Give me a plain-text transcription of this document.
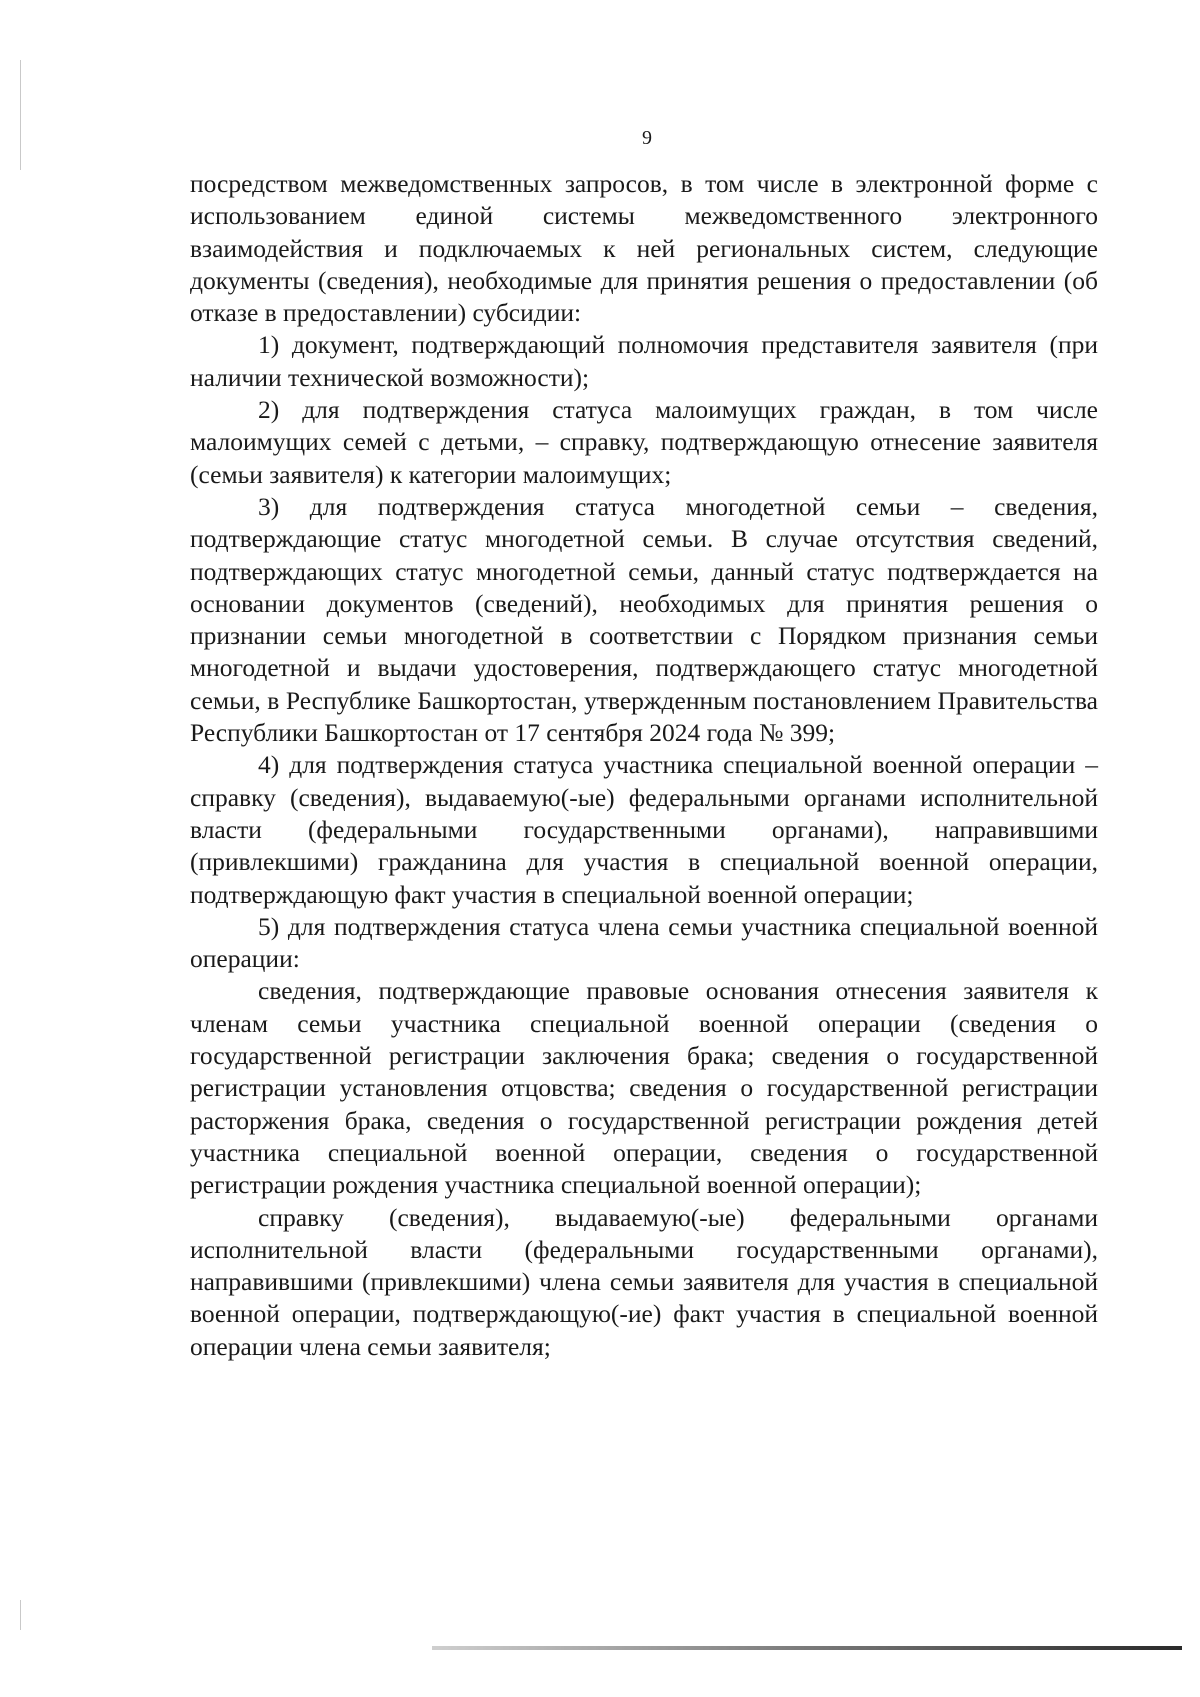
9

посредством межведомственных запросов, в том числе в электронной форме с использованием единой системы межведомственного электронного взаимодействия и подключаемых к ней региональных систем, следующие документы (сведения), необходимые для принятия решения о предоставлении (об отказе в предоставлении) субсидии:

1) документ, подтверждающий полномочия представителя заявителя (при наличии технической возможности);

2) для подтверждения статуса малоимущих граждан, в том числе малоимущих семей с детьми, – справку, подтверждающую отнесение заявителя (семьи заявителя) к категории малоимущих;

3) для подтверждения статуса многодетной семьи – сведения, подтверждающие статус многодетной семьи. В случае отсутствия сведений, подтверждающих статус многодетной семьи, данный статус подтверждается на основании документов (сведений), необходимых для принятия решения о признании семьи многодетной в соответствии с Порядком признания семьи многодетной и выдачи удостоверения, подтверждающего статус многодетной семьи, в Республике Башкортостан, утвержденным постановлением Правительства Республики Башкортостан от 17 сентября 2024 года № 399;

4) для подтверждения статуса участника специальной военной операции – справку (сведения), выдаваемую(-ые) федеральными органами исполнительной власти (федеральными государственными органами), направившими (привлекшими) гражданина для участия в специальной военной операции, подтверждающую факт участия в специальной военной операции;

5) для подтверждения статуса члена семьи участника специальной военной операции:

сведения, подтверждающие правовые основания отнесения заявителя к членам семьи участника специальной военной операции (сведения о государственной регистрации заключения брака; сведения о государственной регистрации установления отцовства; сведения о государственной регистрации расторжения брака, сведения о государственной регистрации рождения детей участника специальной военной операции, сведения о государственной регистрации рождения участника специальной военной операции);

справку (сведения), выдаваемую(-ые) федеральными органами исполнительной власти (федеральными государственными органами), направившими (привлекшими) члена семьи заявителя для участия в специальной военной операции, подтверждающую(-ие) факт участия в специальной военной операции члена семьи заявителя;
